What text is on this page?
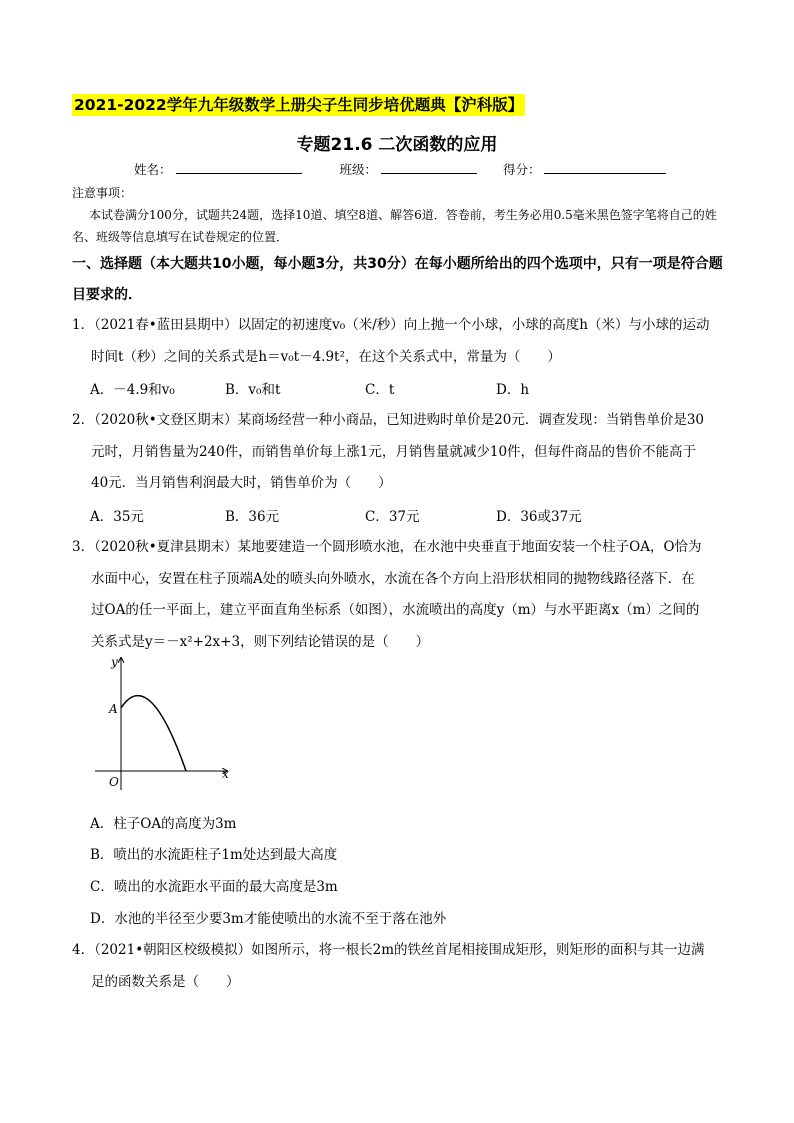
2021-2022学年九年级数学上册尖子生同步培优题典【沪科版】
专题21.6 二次函数的应用
姓名：	班级：	得分：
注意事项：
本试卷满分100分，试题共24题，选择10道、填空8道、解答6道．答卷前，考生务必用0.5毫米黑色签字笔将自己的姓名、班级等信息填写在试卷规定的位置．
一、选择题（本大题共10小题，每小题3分，共30分）在每小题所给出的四个选项中，只有一项是符合题目要求的．
1．（2021春•蓝田县期中）以固定的初速度v₀（米/秒）向上抛一个小球，小球的高度h（米）与小球的运动
时间t（秒）之间的关系式是h＝v₀t－4.9t²，在这个关系式中，常量为（　　）
A．－4.9和v₀	B．v₀和t	C．t	D．h
2．（2020秋•文登区期末）某商场经营一种小商品，已知进购时单价是20元．调查发现：当销售单价是30
元时，月销售量为240件，而销售单价每上涨1元，月销售量就减少10件，但每件商品的售价不能高于
40元．当月销售利润最大时，销售单价为（　　）
A．35元	B．36元	C．37元	D．36或37元
3．（2020秋•夏津县期末）某地要建造一个圆形喷水池，在水池中央垂直于地面安装一个柱子OA，O恰为
水面中心，安置在柱子顶端A处的喷头向外喷水，水流在各个方向上沿形状相同的抛物线路径落下．在
过OA的任一平面上，建立平面直角坐标系（如图），水流喷出的高度y（m）与水平距离x（m）之间的
关系式是y＝－x²+2x+3，则下列结论错误的是（　　）
y
x
A
O
A．柱子OA的高度为3m
B．喷出的水流距柱子1m处达到最大高度
C．喷出的水流距水平面的最大高度是3m
D．水池的半径至少要3m才能使喷出的水流不至于落在池外
4．（2021•朝阳区校级模拟）如图所示，将一根长2m的铁丝首尾相接围成矩形，则矩形的面积与其一边满
足的函数关系是（　　）
